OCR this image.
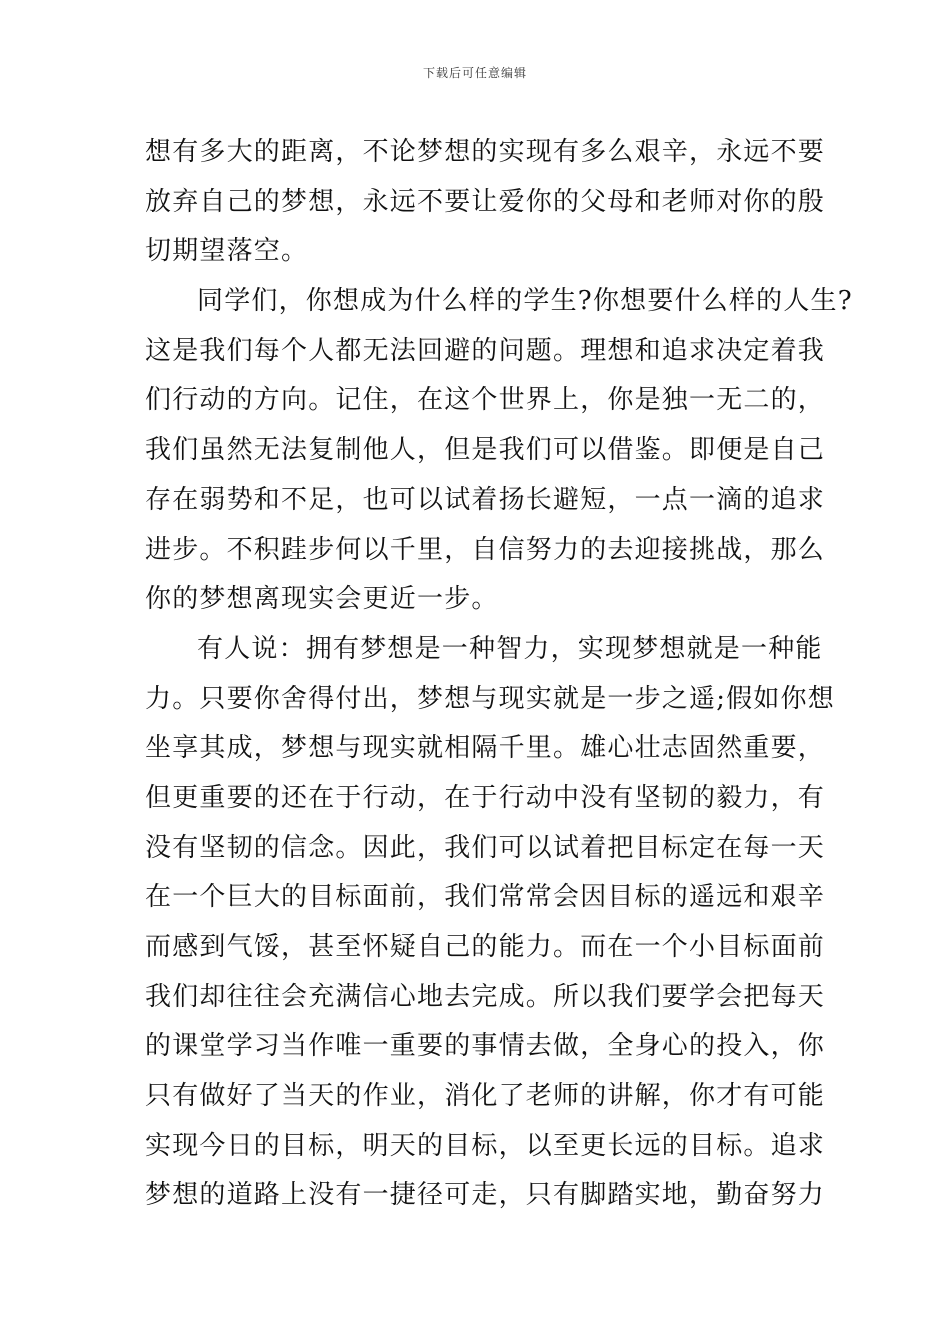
下载后可任意编辑
想有多大的距离，不论梦想的实现有多么艰辛，永远不要
放弃自己的梦想，永远不要让爱你的父母和老师对你的殷
切期望落空。
同学们，你想成为什么样的学生?你想要什么样的人生?
这是我们每个人都无法回避的问题。理想和追求决定着我
们行动的方向。记住，在这个世界上，你是独一无二的，
我们虽然无法复制他人，但是我们可以借鉴。即便是自己
存在弱势和不足，也可以试着扬长避短，一点一滴的追求
进步。不积跬步何以千里，自信努力的去迎接挑战，那么
你的梦想离现实会更近一步。
有人说：拥有梦想是一种智力，实现梦想就是一种能
力。只要你舍得付出，梦想与现实就是一步之遥;假如你想
坐享其成，梦想与现实就相隔千里。雄心壮志固然重要，
但更重要的还在于行动，在于行动中没有坚韧的毅力，有
没有坚韧的信念。因此，我们可以试着把目标定在每一天
在一个巨大的目标面前，我们常常会因目标的遥远和艰辛
而感到气馁，甚至怀疑自己的能力。而在一个小目标面前
我们却往往会充满信心地去完成。所以我们要学会把每天
的课堂学习当作唯一重要的事情去做，全身心的投入，你
只有做好了当天的作业，消化了老师的讲解，你才有可能
实现今日的目标，明天的目标，以至更长远的目标。追求
梦想的道路上没有一捷径可走，只有脚踏实地，勤奋努力
